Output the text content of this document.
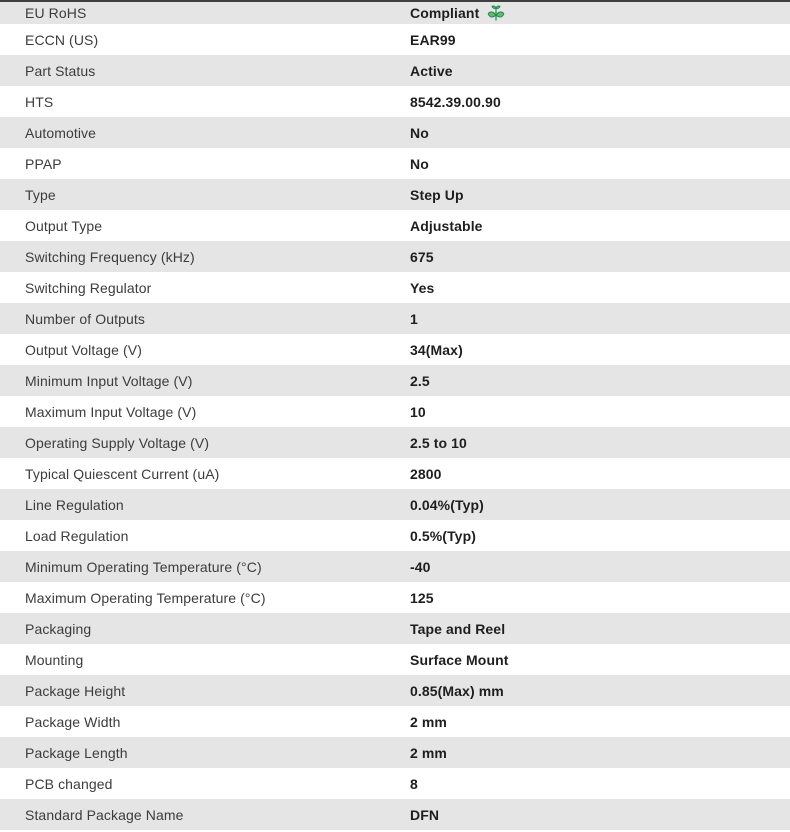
EU RoHS	Compliant
ECCN (US)	EAR99
Part Status	Active
HTS	8542.39.00.90
Automotive	No
PPAP	No
Type	Step Up
Output Type	Adjustable
Switching Frequency (kHz)	675
Switching Regulator	Yes
Number of Outputs	1
Output Voltage (V)	34(Max)
Minimum Input Voltage (V)	2.5
Maximum Input Voltage (V)	10
Operating Supply Voltage (V)	2.5 to 10
Typical Quiescent Current (uA)	2800
Line Regulation	0.04%(Typ)
Load Regulation	0.5%(Typ)
Minimum Operating Temperature (°C)	-40
Maximum Operating Temperature (°C)	125
Packaging	Tape and Reel
Mounting	Surface Mount
Package Height	0.85(Max) mm
Package Width	2 mm
Package Length	2 mm
PCB changed	8
Standard Package Name	DFN
